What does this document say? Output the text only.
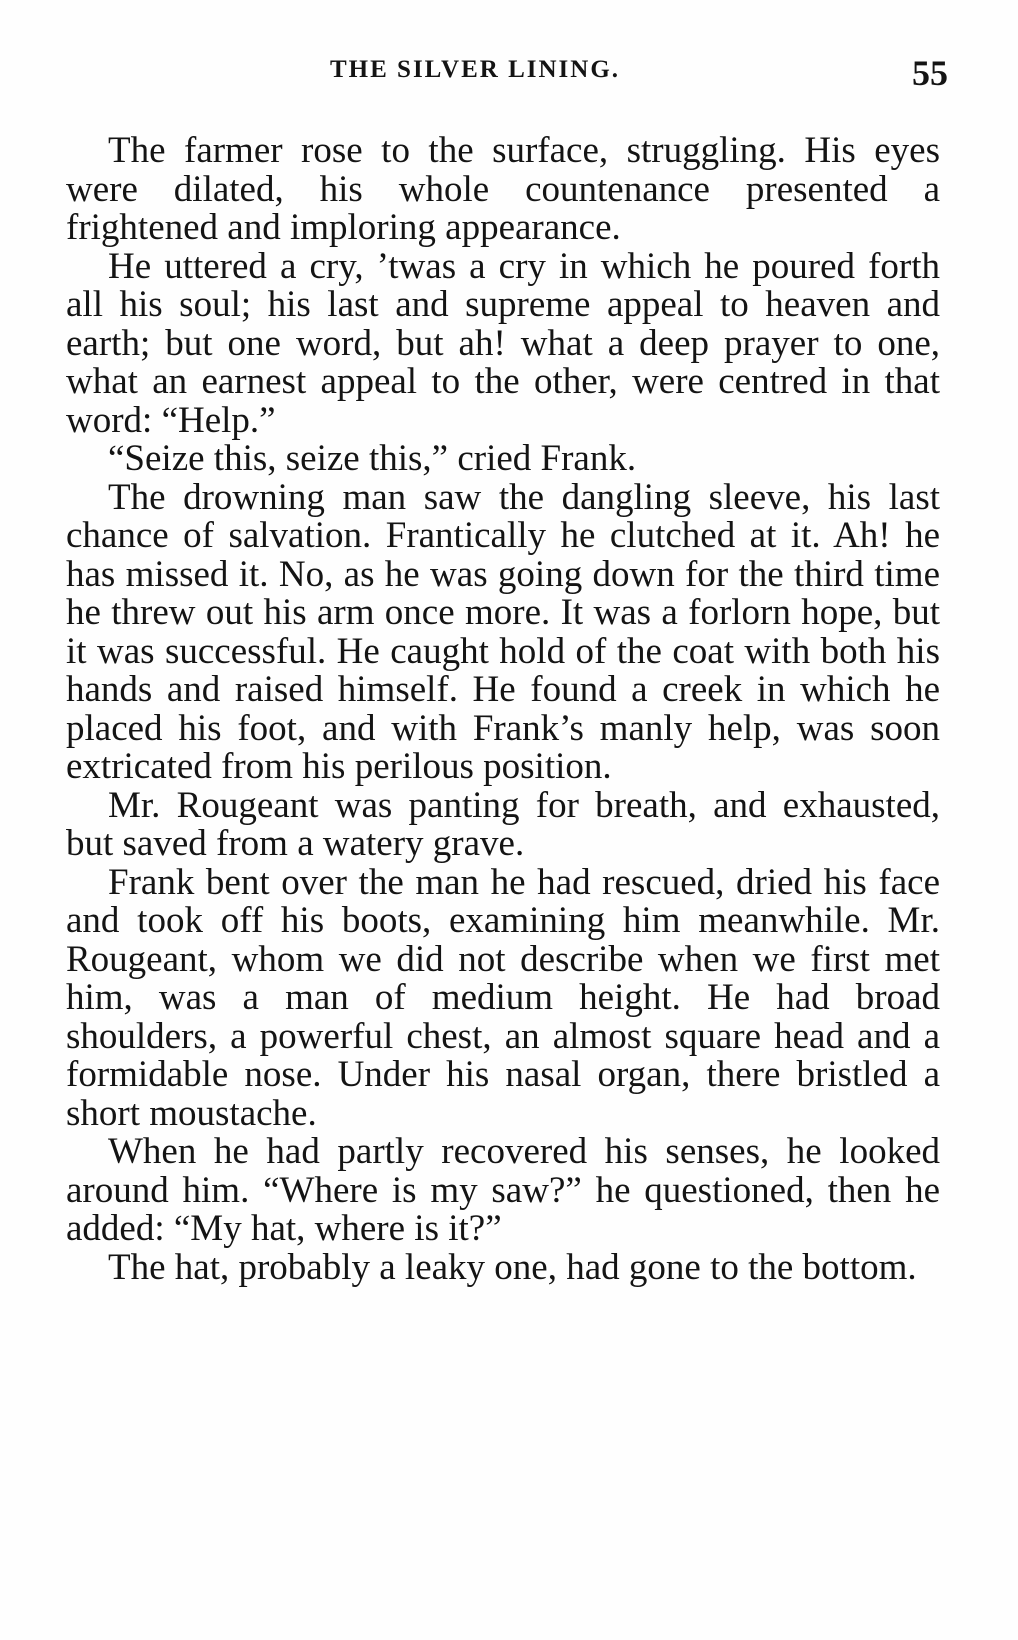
THE SILVER LINING.	55

The farmer rose to the surface, struggling. His eyes were dilated, his whole countenance presented a frightened and imploring appearance.

He uttered a cry, ’twas a cry in which he poured forth all his soul; his last and supreme appeal to heaven and earth; but one word, but ah! what a deep prayer to one, what an earnest appeal to the other, were centred in that word: “Help.”

“Seize this, seize this,” cried Frank.

The drowning man saw the dangling sleeve, his last chance of salvation. Frantically he clutched at it. Ah! he has missed it. No, as he was going down for the third time he threw out his arm once more. It was a forlorn hope, but it was successful. He caught hold of the coat with both his hands and raised himself. He found a creek in which he placed his foot, and with Frank’s manly help, was soon extricated from his perilous position.

Mr. Rougeant was panting for breath, and exhausted, but saved from a watery grave.

Frank bent over the man he had rescued, dried his face and took off his boots, examining him meanwhile. Mr. Rougeant, whom we did not describe when we first met him, was a man of medium height. He had broad shoulders, a powerful chest, an almost square head and a formidable nose. Under his nasal organ, there bristled a short moustache.

When he had partly recovered his senses, he looked around him. “Where is my saw?” he questioned, then he added: “My hat, where is it?”

The hat, probably a leaky one, had gone to the bottom.
